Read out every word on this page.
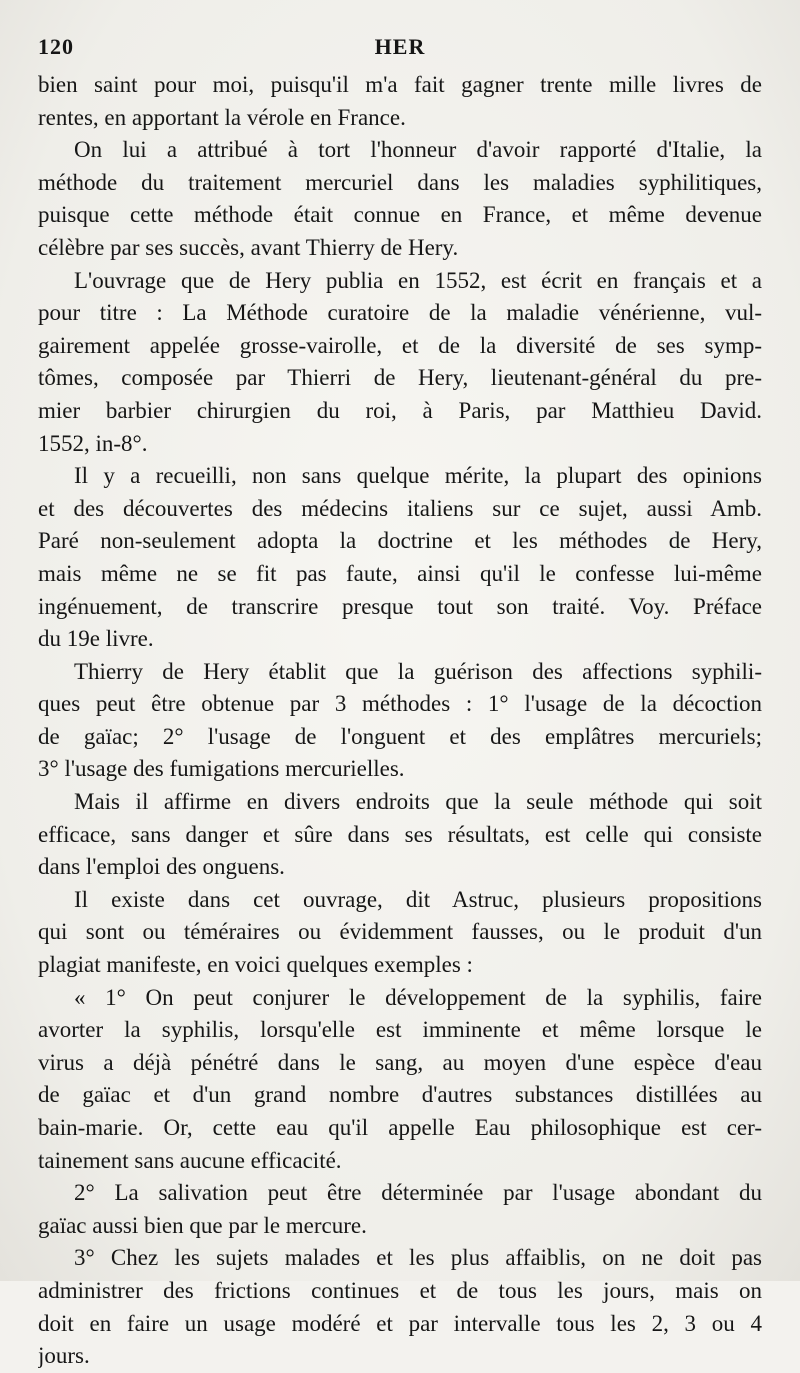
120	HER
bien saint pour moi, puisqu'il m'a fait gagner trente mille livres de
rentes, en apportant la vérole en France.
On lui a attribué à tort l'honneur d'avoir rapporté d'Italie, la
méthode du traitement mercuriel dans les maladies syphilitiques,
puisque cette méthode était connue en France, et même devenue
célèbre par ses succès, avant Thierry de Hery.
L'ouvrage que de Hery publia en 1552, est écrit en français et a
pour titre : La Méthode curatoire de la maladie vénérienne, vul-
gairement appelée grosse-vairolle, et de la diversité de ses symp-
tômes, composée par Thierri de Hery, lieutenant-général du pre-
mier barbier chirurgien du roi, à Paris, par Matthieu David.
1552, in-8°.
Il y a recueilli, non sans quelque mérite, la plupart des opinions
et des découvertes des médecins italiens sur ce sujet, aussi Amb.
Paré non-seulement adopta la doctrine et les méthodes de Hery,
mais même ne se fit pas faute, ainsi qu'il le confesse lui-même
ingénuement, de transcrire presque tout son traité. Voy. Préface
du 19e livre.
Thierry de Hery établit que la guérison des affections syphili-
ques peut être obtenue par 3 méthodes : 1° l'usage de la décoction
de gaïac; 2° l'usage de l'onguent et des emplâtres mercuriels;
3° l'usage des fumigations mercurielles.
Mais il affirme en divers endroits que la seule méthode qui soit
efficace, sans danger et sûre dans ses résultats, est celle qui consiste
dans l'emploi des onguens.
Il existe dans cet ouvrage, dit Astruc, plusieurs propositions
qui sont ou téméraires ou évidemment fausses, ou le produit d'un
plagiat manifeste, en voici quelques exemples :
« 1° On peut conjurer le développement de la syphilis, faire
avorter la syphilis, lorsqu'elle est imminente et même lorsque le
virus a déjà pénétré dans le sang, au moyen d'une espèce d'eau
de gaïac et d'un grand nombre d'autres substances distillées au
bain-marie. Or, cette eau qu'il appelle Eau philosophique est cer-
tainement sans aucune efficacité.
2° La salivation peut être déterminée par l'usage abondant du
gaïac aussi bien que par le mercure.
3° Chez les sujets malades et les plus affaiblis, on ne doit pas
administrer des frictions continues et de tous les jours, mais on
doit en faire un usage modéré et par intervalle tous les 2, 3 ou 4
jours.
